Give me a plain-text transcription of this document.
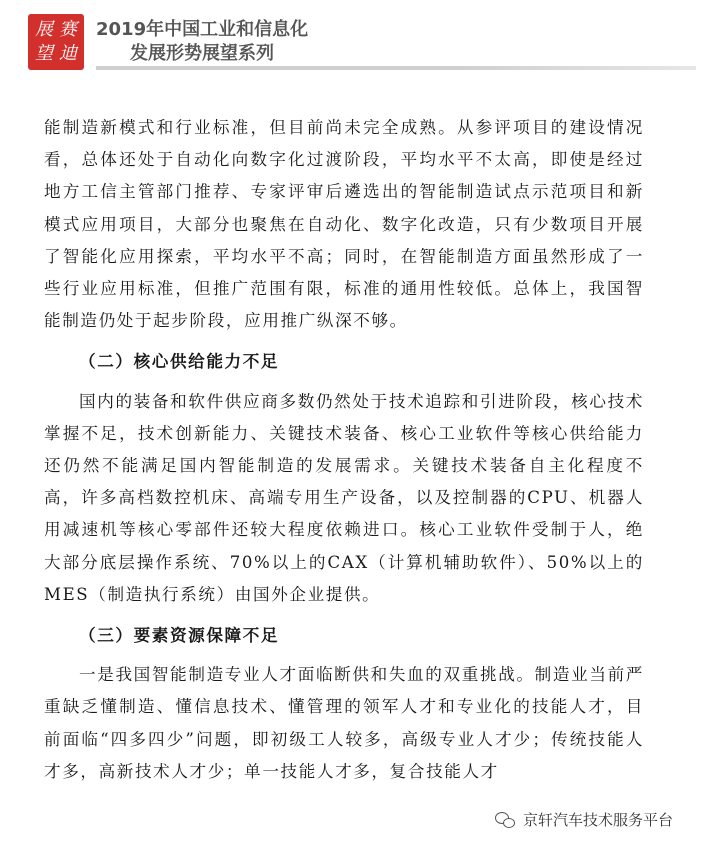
展 赛
望 迪
2019年中国工业和信息化
发展形势展望系列

能制造新模式和行业标准，但目前尚未完全成熟。从参评项目的建设情况看，总体还处于自动化向数字化过渡阶段，平均水平不太高，即使是经过地方工信主管部门推荐、专家评审后遴选出的智能制造试点示范项目和新模式应用项目，大部分也聚焦在自动化、数字化改造，只有少数项目开展了智能化应用探索，平均水平不高；同时，在智能制造方面虽然形成了一些行业应用标准，但推广范围有限，标准的通用性较低。总体上，我国智能制造仍处于起步阶段，应用推广纵深不够。

（二）核心供给能力不足

国内的装备和软件供应商多数仍然处于技术追踪和引进阶段，核心技术掌握不足，技术创新能力、关键技术装备、核心工业软件等核心供给能力还仍然不能满足国内智能制造的发展需求。关键技术装备自主化程度不高，许多高档数控机床、高端专用生产设备，以及控制器的CPU、机器人用减速机等核心零部件还较大程度依赖进口。核心工业软件受制于人，绝大部分底层操作系统、70%以上的CAX（计算机辅助软件）、50%以上的MES（制造执行系统）由国外企业提供。

（三）要素资源保障不足

一是我国智能制造专业人才面临断供和失血的双重挑战。制造业当前严重缺乏懂制造、懂信息技术、懂管理的领军人才和专业化的技能人才，目前面临“四多四少”问题，即初级工人较多，高级专业人才少；传统技能人才多，高新技术人才少；单一技能人才多，复合技能人才

京轩汽车技术服务平台
